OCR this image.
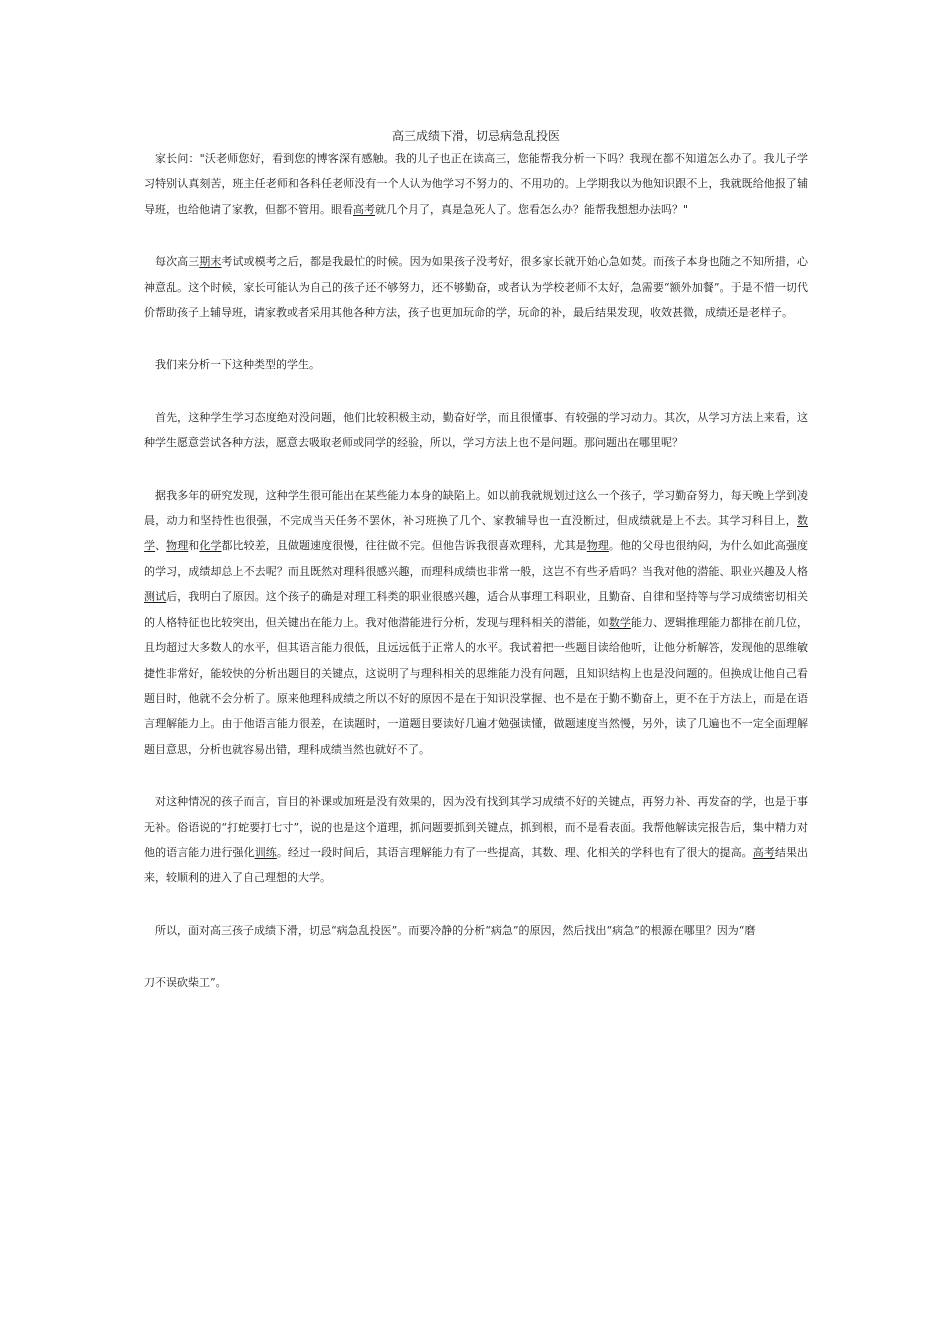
高三成绩下滑，切忌病急乱投医

家长问："沃老师您好，看到您的博客深有感触。我的儿子也正在读高三，您能帮我分析一下吗？我现在都不知道怎么办了。我儿子学习特别认真刻苦，班主任老师和各科任老师没有一个人认为他学习不努力的、不用功的。上学期我以为他知识跟不上，我就既给他报了辅导班，也给他请了家教，但都不管用。眼看高考就几个月了，真是急死人了。您看怎么办？能帮我想想办法吗？"

每次高三期末考试或模考之后，都是我最忙的时候。因为如果孩子没考好，很多家长就开始心急如焚。而孩子本身也随之不知所措，心神意乱。这个时候，家长可能认为自己的孩子还不够努力，还不够勤奋，或者认为学校老师不太好，急需要“额外加餐”。于是不惜一切代价帮助孩子上辅导班，请家教或者采用其他各种方法，孩子也更加玩命的学，玩命的补，最后结果发现，收效甚微，成绩还是老样子。

我们来分析一下这种类型的学生。

首先，这种学生学习态度绝对没问题，他们比较积极主动，勤奋好学，而且很懂事、有较强的学习动力。其次，从学习方法上来看，这种学生愿意尝试各种方法，愿意去吸取老师或同学的经验，所以，学习方法上也不是问题。那问题出在哪里呢？

据我多年的研究发现，这种学生很可能出在某些能力本身的缺陷上。如以前我就规划过这么一个孩子，学习勤奋努力，每天晚上学到凌晨，动力和坚持性也很强，不完成当天任务不罢休，补习班换了几个、家教辅导也一直没断过，但成绩就是上不去。其学习科目上，数学、物理和化学都比较差，且做题速度很慢，往往做不完。但他告诉我很喜欢理科，尤其是物理。他的父母也很纳闷，为什么如此高强度的学习，成绩却总上不去呢？而且既然对理科很感兴趣，而理科成绩也非常一般，这岂不有些矛盾吗？当我对他的潜能、职业兴趣及人格测试后，我明白了原因。这个孩子的确是对理工科类的职业很感兴趣，适合从事理工科职业，且勤奋、自律和坚持等与学习成绩密切相关的人格特征也比较突出，但关键出在能力上。我对他潜能进行分析，发现与理科相关的潜能，如数学能力、逻辑推理能力都排在前几位，且均超过大多数人的水平，但其语言能力很低，且远远低于正常人的水平。我试着把一些题目读给他听，让他分析解答，发现他的思维敏捷性非常好，能较快的分析出题目的关键点，这说明了与理科相关的思维能力没有问题，且知识结构上也是没问题的。但换成让他自己看题目时，他就不会分析了。原来他理科成绩之所以不好的原因不是在于知识没掌握、也不是在于勤不勤奋上，更不在于方法上，而是在语言理解能力上。由于他语言能力很差，在读题时，一道题目要读好几遍才勉强读懂，做题速度当然慢，另外，读了几遍也不一定全面理解题目意思，分析也就容易出错，理科成绩当然也就好不了。

对这种情况的孩子而言，盲目的补课或加班是没有效果的，因为没有找到其学习成绩不好的关键点，再努力补、再发奋的学，也是于事无补。俗语说的“打蛇要打七寸”，说的也是这个道理，抓问题要抓到关键点，抓到根，而不是看表面。我帮他解读完报告后，集中精力对他的语言能力进行强化训练。经过一段时间后，其语言理解能力有了一些提高，其数、理、化相关的学科也有了很大的提高。高考结果出来，较顺利的进入了自己理想的大学。

所以，面对高三孩子成绩下滑，切忌“病急乱投医”。而要冷静的分析“病急”的原因，然后找出“病急”的根源在哪里？因为“磨

刀不误砍柴工”。
